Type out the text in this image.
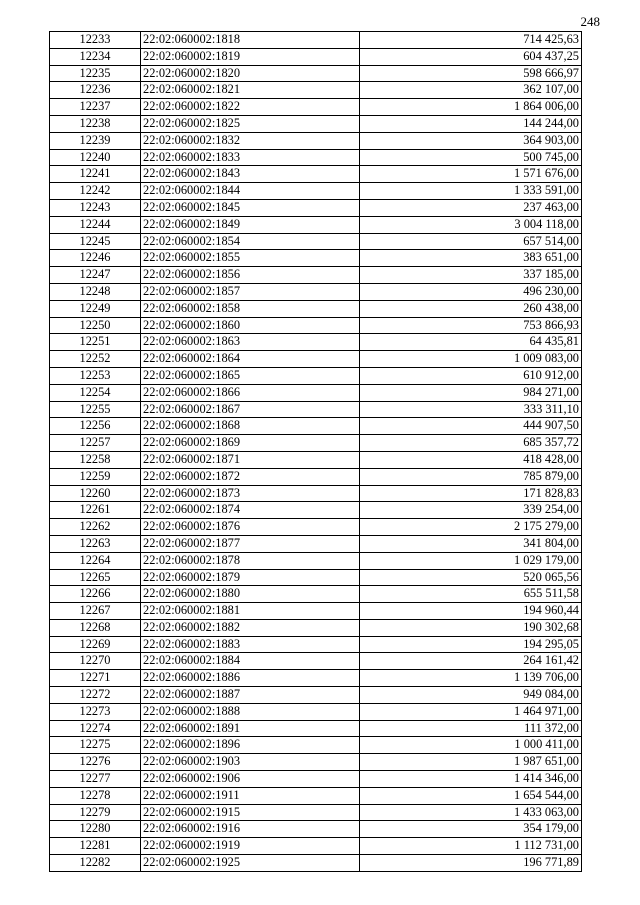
248
12233	22:02:060002:1818	714 425,63
12234	22:02:060002:1819	604 437,25
12235	22:02:060002:1820	598 666,97
12236	22:02:060002:1821	362 107,00
12237	22:02:060002:1822	1 864 006,00
12238	22:02:060002:1825	144 244,00
12239	22:02:060002:1832	364 903,00
12240	22:02:060002:1833	500 745,00
12241	22:02:060002:1843	1 571 676,00
12242	22:02:060002:1844	1 333 591,00
12243	22:02:060002:1845	237 463,00
12244	22:02:060002:1849	3 004 118,00
12245	22:02:060002:1854	657 514,00
12246	22:02:060002:1855	383 651,00
12247	22:02:060002:1856	337 185,00
12248	22:02:060002:1857	496 230,00
12249	22:02:060002:1858	260 438,00
12250	22:02:060002:1860	753 866,93
12251	22:02:060002:1863	64 435,81
12252	22:02:060002:1864	1 009 083,00
12253	22:02:060002:1865	610 912,00
12254	22:02:060002:1866	984 271,00
12255	22:02:060002:1867	333 311,10
12256	22:02:060002:1868	444 907,50
12257	22:02:060002:1869	685 357,72
12258	22:02:060002:1871	418 428,00
12259	22:02:060002:1872	785 879,00
12260	22:02:060002:1873	171 828,83
12261	22:02:060002:1874	339 254,00
12262	22:02:060002:1876	2 175 279,00
12263	22:02:060002:1877	341 804,00
12264	22:02:060002:1878	1 029 179,00
12265	22:02:060002:1879	520 065,56
12266	22:02:060002:1880	655 511,58
12267	22:02:060002:1881	194 960,44
12268	22:02:060002:1882	190 302,68
12269	22:02:060002:1883	194 295,05
12270	22:02:060002:1884	264 161,42
12271	22:02:060002:1886	1 139 706,00
12272	22:02:060002:1887	949 084,00
12273	22:02:060002:1888	1 464 971,00
12274	22:02:060002:1891	111 372,00
12275	22:02:060002:1896	1 000 411,00
12276	22:02:060002:1903	1 987 651,00
12277	22:02:060002:1906	1 414 346,00
12278	22:02:060002:1911	1 654 544,00
12279	22:02:060002:1915	1 433 063,00
12280	22:02:060002:1916	354 179,00
12281	22:02:060002:1919	1 112 731,00
12282	22:02:060002:1925	196 771,89
